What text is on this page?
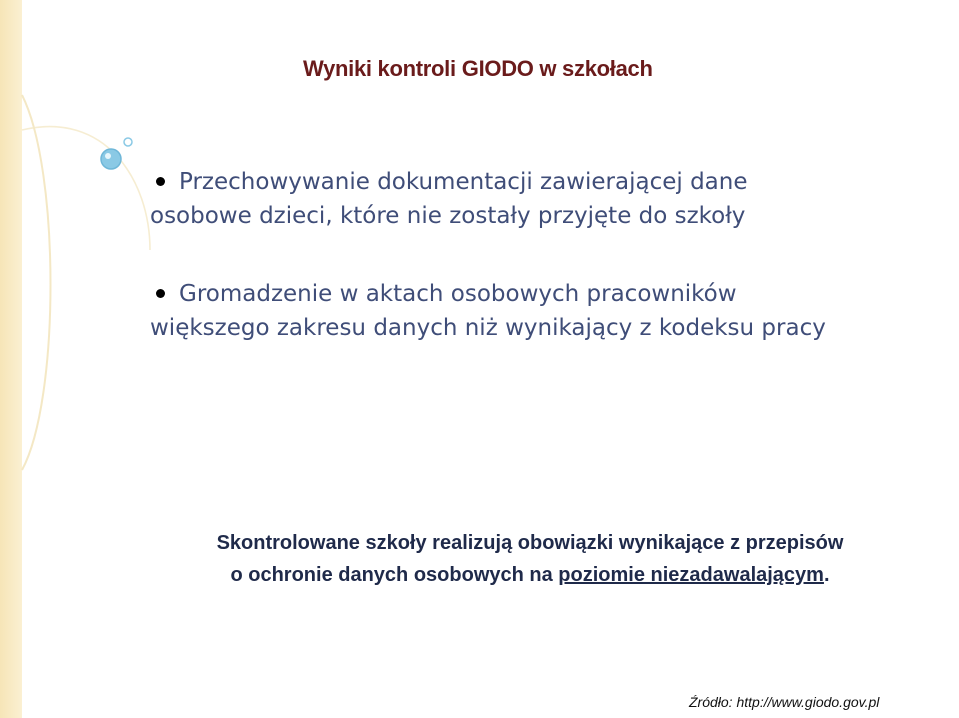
Wyniki kontroli GIODO w szkołach
Przechowywanie dokumentacji zawierającej dane
osobowe dzieci, które nie zostały przyjęte do szkoły
Gromadzenie w aktach osobowych pracowników
większego zakresu danych niż wynikający z kodeksu pracy

Skontrolowane szkoły realizują obowiązki wynikające z przepisów
o ochronie danych osobowych na poziomie niezadawalającym.

Źródło: http://www.giodo.gov.pl
